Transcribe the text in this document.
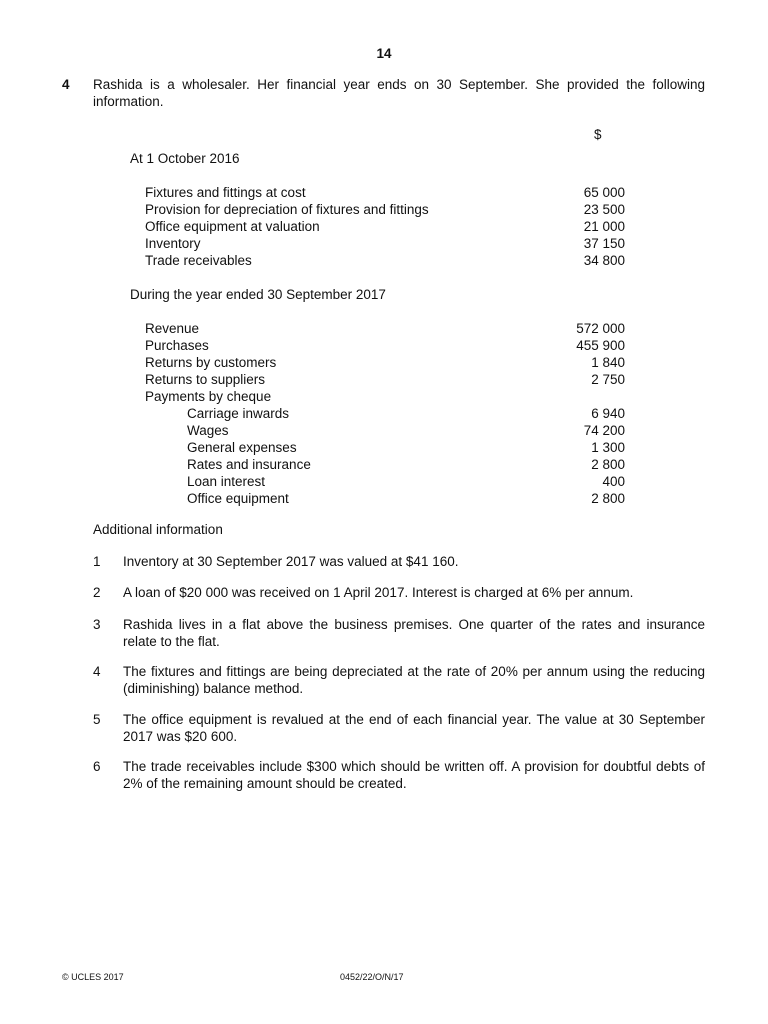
14
4 Rashida is a wholesaler. Her financial year ends on 30 September. She provided the following information.
$
At 1 October 2016
Fixtures and fittings at cost	65 000
Provision for depreciation of fixtures and fittings	23 500
Office equipment at valuation	21 000
Inventory	37 150
Trade receivables	34 800
During the year ended 30 September 2017
Revenue	572 000
Purchases	455 900
Returns by customers	1 840
Returns to suppliers	2 750
Payments by cheque
Carriage inwards	6 940
Wages	74 200
General expenses	1 300
Rates and insurance	2 800
Loan interest	400
Office equipment	2 800
Additional information
1 Inventory at 30 September 2017 was valued at $41 160.
2 A loan of $20 000 was received on 1 April 2017. Interest is charged at 6% per annum.
3 Rashida lives in a flat above the business premises. One quarter of the rates and insurance relate to the flat.
4 The fixtures and fittings are being depreciated at the rate of 20% per annum using the reducing (diminishing) balance method.
5 The office equipment is revalued at the end of each financial year. The value at 30 September 2017 was $20 600.
6 The trade receivables include $300 which should be written off. A provision for doubtful debts of 2% of the remaining amount should be created.
© UCLES 2017	0452/22/O/N/17
